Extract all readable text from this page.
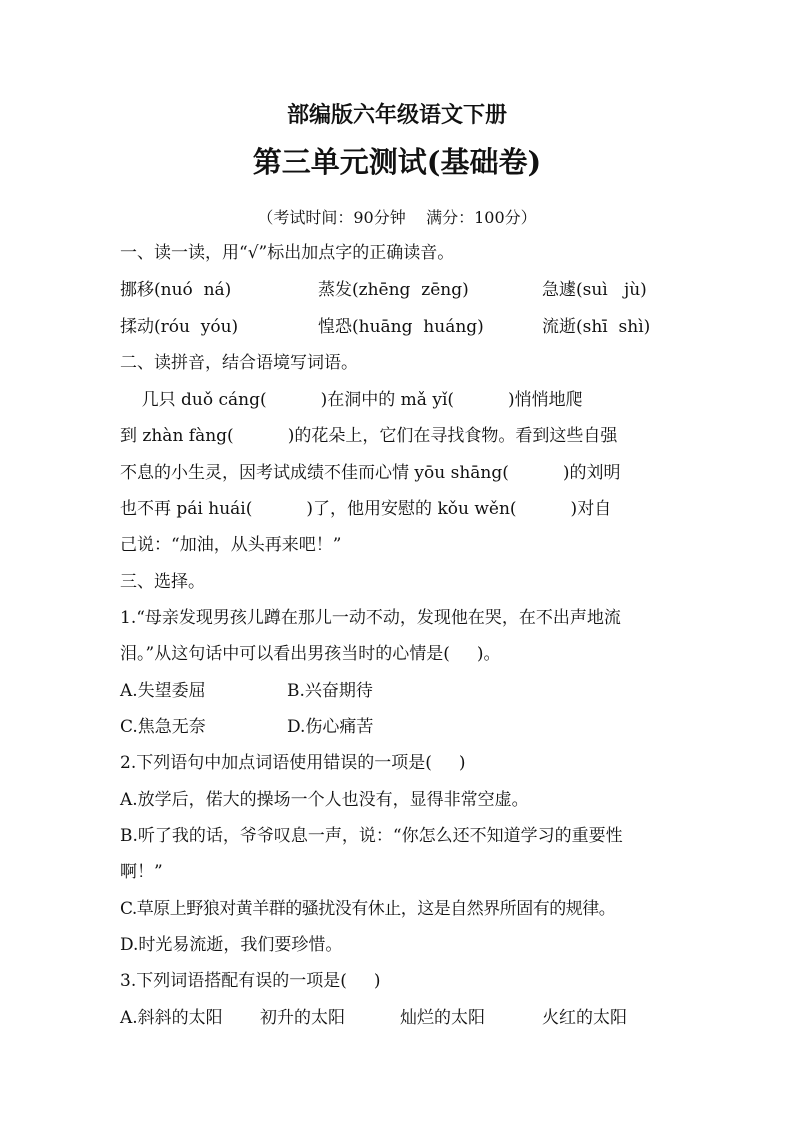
部编版六年级语文下册
第三单元测试(基础卷)
（考试时间：90分钟    满分：100分）
一、读一读，用“√”标出加点字的正确读音。
挪移(nuó  ná)	蒸发(zhēng  zēng)	急遽(suì   jù)
揉动(róu  yóu)	惶恐(huāng  huáng)	流逝(shī  shì)
二、读拼音，结合语境写词语。
几只 duǒ cáng(          )在洞中的 mǎ yǐ(          )悄悄地爬
到 zhàn fàng(          )的花朵上，它们在寻找食物。看到这些自强
不息的小生灵，因考试成绩不佳而心情 yōu shāng(          )的刘明
也不再 pái huái(          )了，他用安慰的 kǒu wěn(          )对自
己说：“加油，从头再来吧！”
三、选择。
1.“母亲发现男孩儿蹲在那儿一动不动，发现他在哭，在不出声地流
泪。”从这句话中可以看出男孩当时的心情是(     )。
A.失望委屈	B.兴奋期待
C.焦急无奈	D.伤心痛苦
2.下列语句中加点词语使用错误的一项是(     )
A.放学后，偌大的操场一个人也没有，显得非常空虚。
B.听了我的话，爷爷叹息一声，说：“你怎么还不知道学习的重要性
啊！”
C.草原上野狼对黄羊群的骚扰没有休止，这是自然界所固有的规律。
D.时光易流逝，我们要珍惜。
3.下列词语搭配有误的一项是(     )
A.斜斜的太阳 初升的太阳	灿烂的太阳	火红的太阳
